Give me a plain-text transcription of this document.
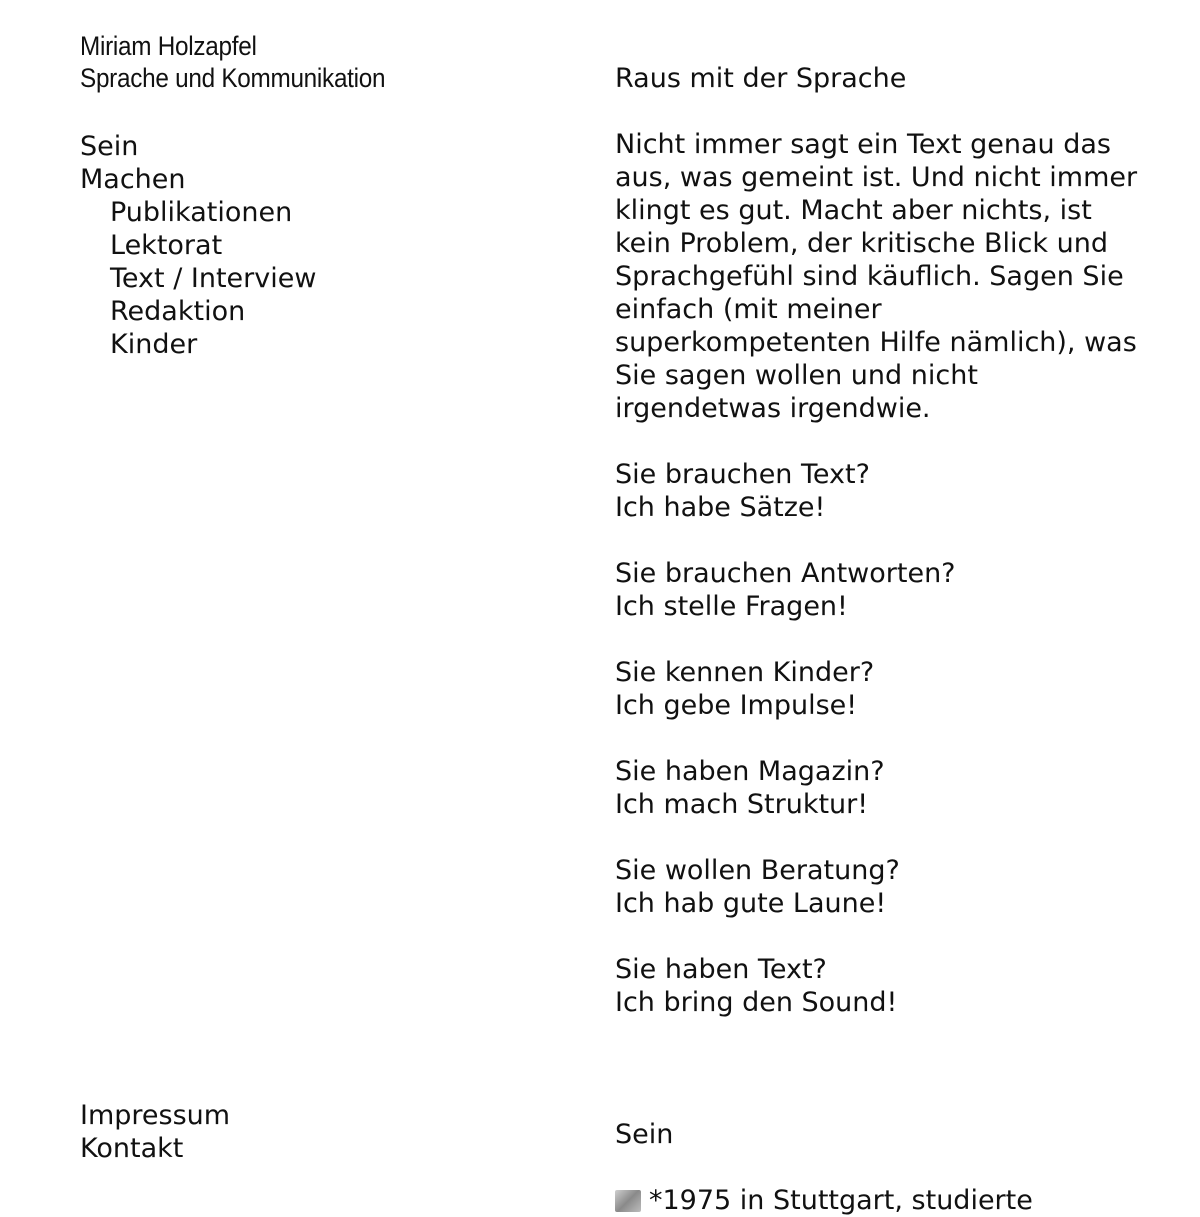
Miriam Holzapfel
Sprache und Kommunikation
Sein
Machen
Publikationen
Lektorat
Text / Interview
Redaktion
Kinder
Impressum
Kontakt
Raus mit der Sprache

Nicht immer sagt ein Text genau das aus, was gemeint ist. Und nicht immer klingt es gut. Macht aber nichts, ist kein Problem, der kritische Blick und Sprachgefühl sind käuflich. Sagen Sie einfach (mit meiner superkompetenten Hilfe nämlich), was Sie sagen wollen und nicht irgendetwas irgendwie.

Sie brauchen Text?
Ich habe Sätze!
Sie brauchen Antworten?
Ich stelle Fragen!
Sie kennen Kinder?
Ich gebe Impulse!
Sie haben Magazin?
Ich mach Struktur!
Sie wollen Beratung?
Ich hab gute Laune!
Sie haben Text?
Ich bring den Sound!
Sein

*1975 in Stuttgart, studierte
